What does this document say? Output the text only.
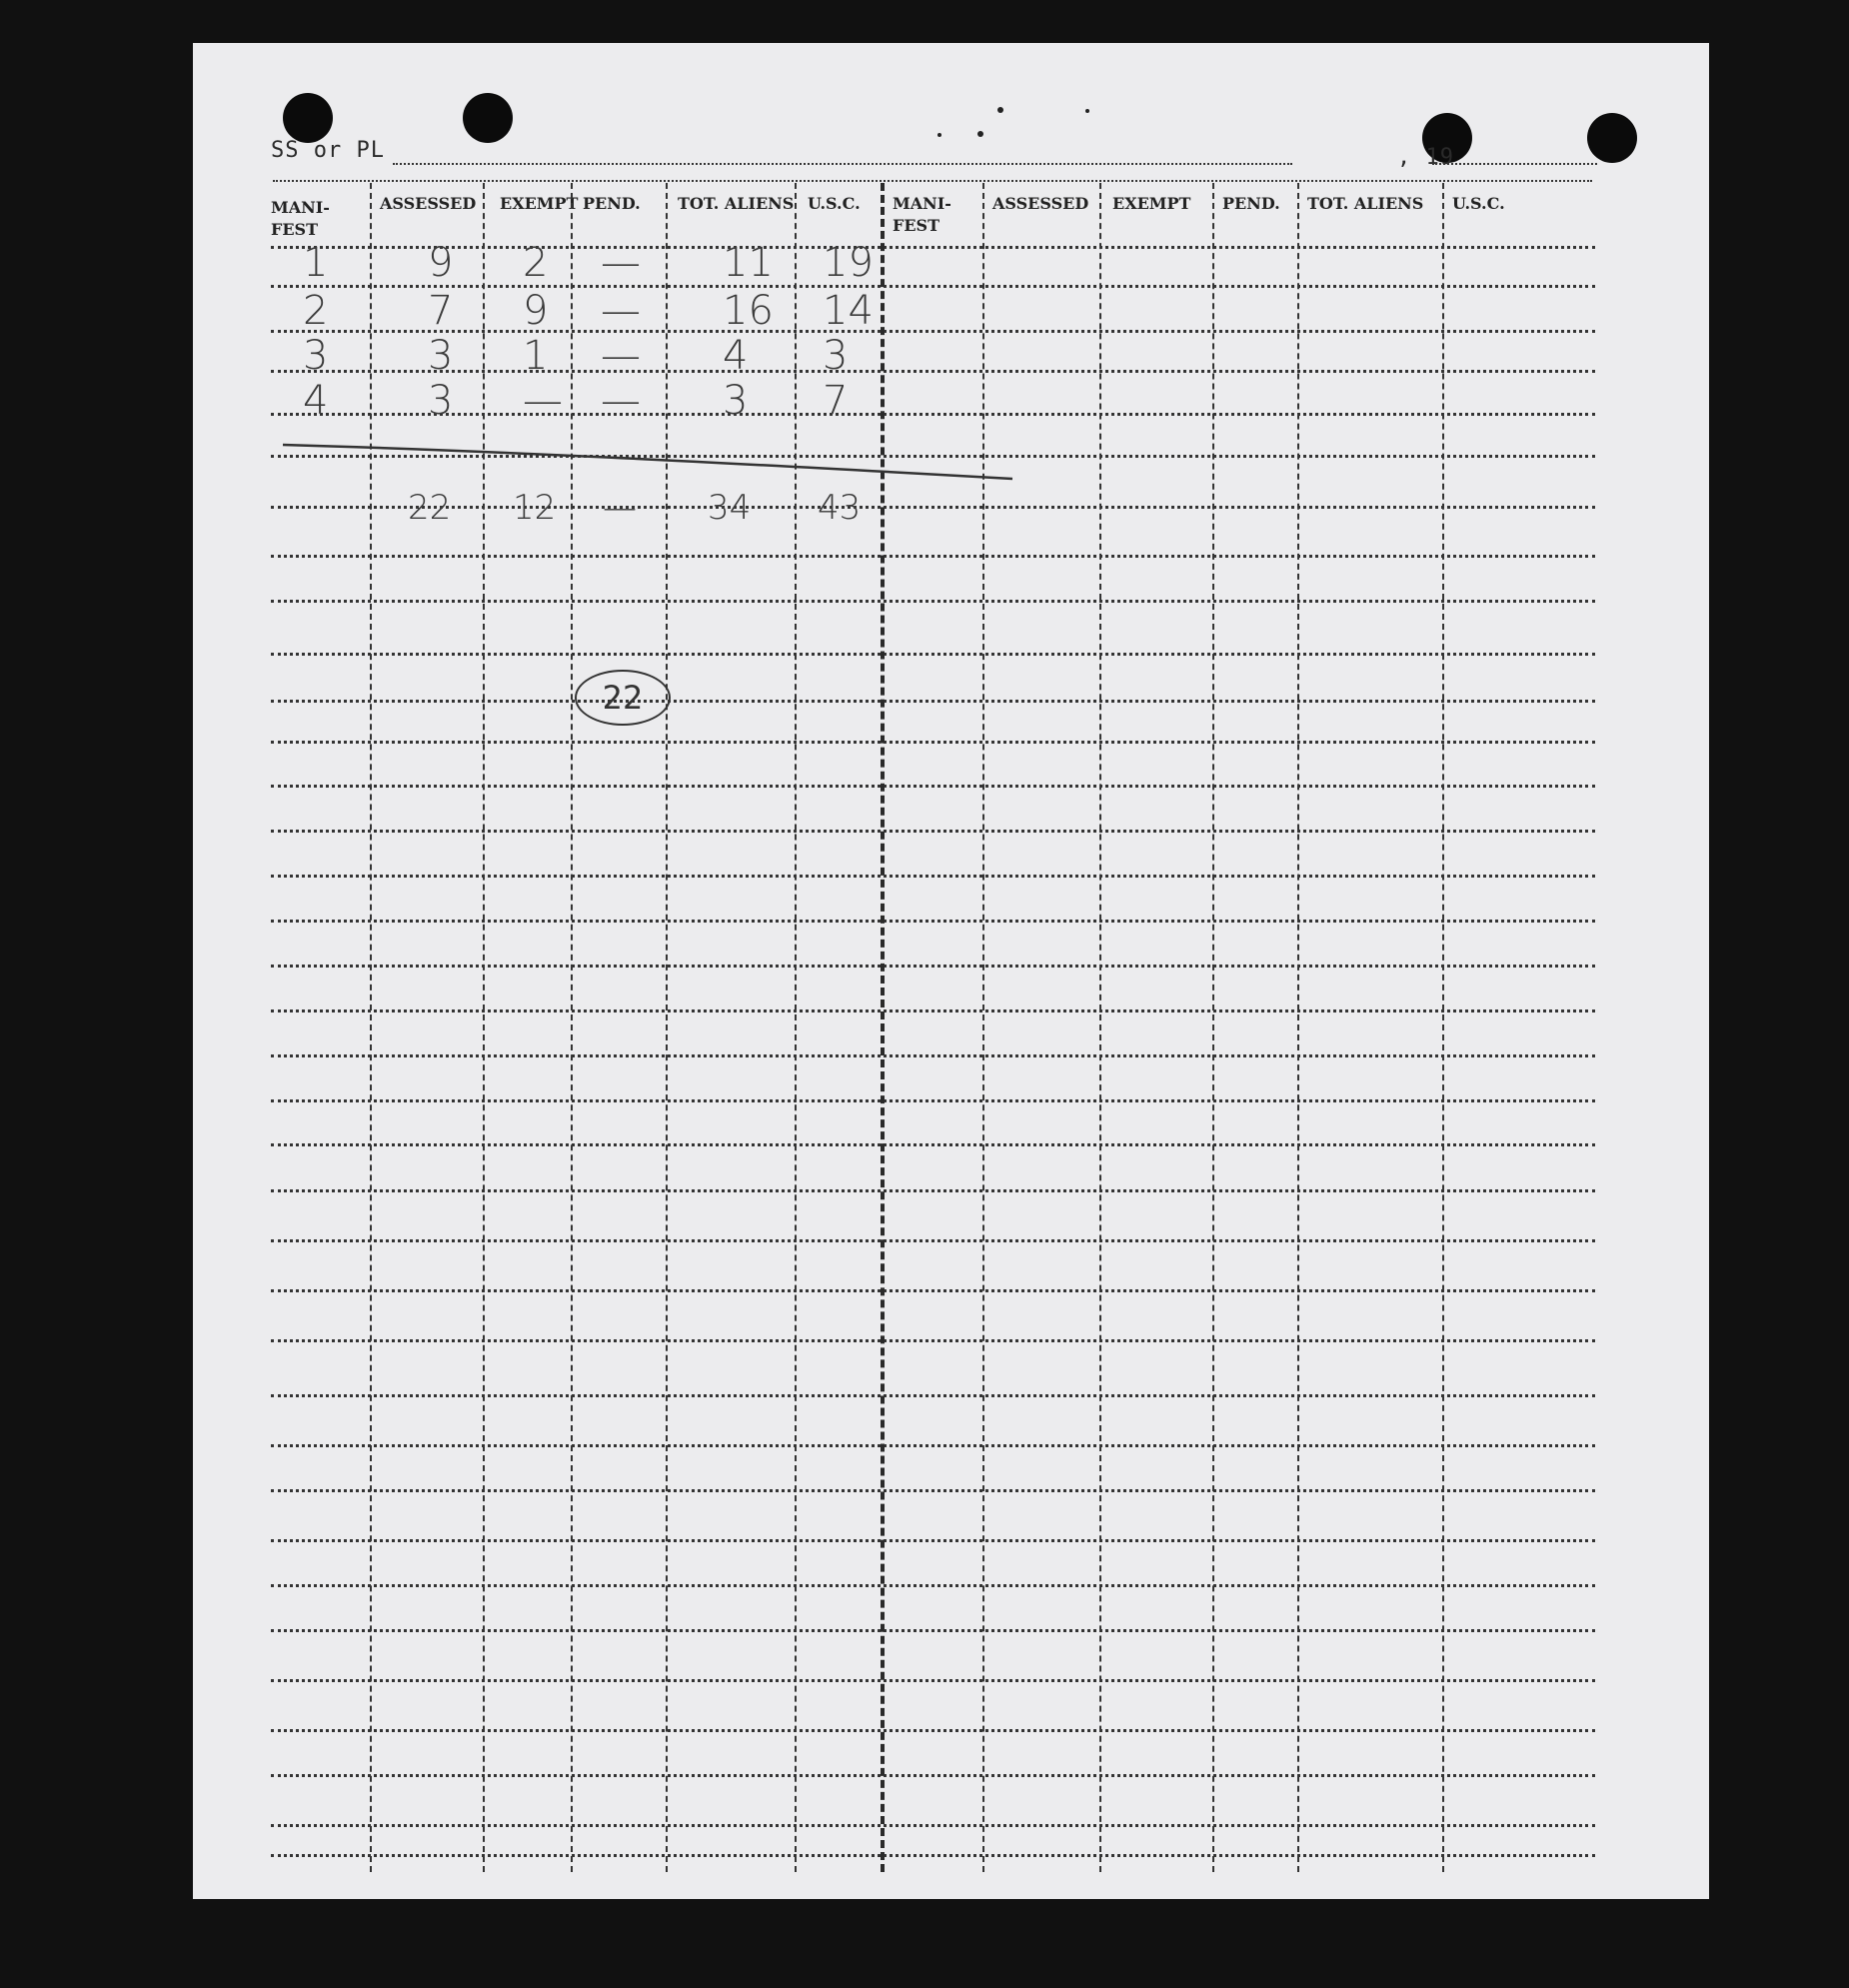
SS or PL	, 19
MANI-
FEST
ASSESSED EXEMPT PEND. TOT. ALIENS U.S.C. MANI-
FEST
ASSESSED EXEMPT PEND. TOT. ALIENS U.S.C.
1 9 2 — 11 19
2 7 9 — 16 14
3 3 1 — 4 3
4 3 — — 3 7
22 12 — 34 43
22
